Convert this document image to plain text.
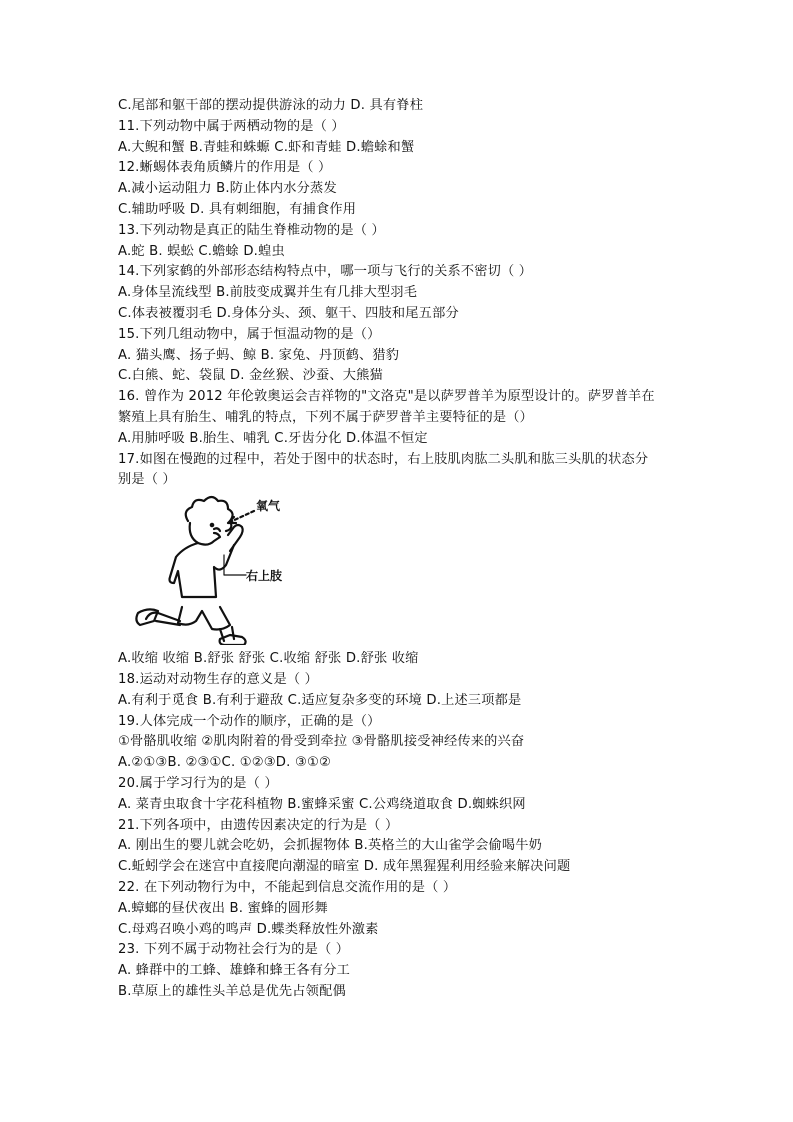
C.尾部和躯干部的摆动提供游泳的动力 D. 具有脊柱
11.下列动物中属于两栖动物的是（ ）
A.大鲵和蟹 B.青蛙和蛛螈 C.虾和青蛙 D.蟾蜍和蟹
12.蜥蜴体表角质鳞片的作用是（ ）
A.减小运动阻力 B.防止体内水分蒸发
C.辅助呼吸 D. 具有刺细胞，有捕食作用
13.下列动物是真正的陆生脊椎动物的是（ ）
A.蛇 B. 蜈蚣 C.蟾蜍 D.蝗虫
14.下列家鹤的外部形态结构特点中，哪一项与飞行的关系不密切（ ）
A.身体呈流线型 B.前肢变成翼并生有几排大型羽毛
C.体表被覆羽毛 D.身体分头、颈、躯干、四肢和尾五部分
15.下列几组动物中，属于恒温动物的是（）
A. 猫头鹰、扬子蚂、鲸 B. 家兔、丹顶鹤、猎豹
C.白熊、蛇、袋鼠 D. 金丝猴、沙蚕、大熊猫
16. 曾作为 2012 年伦敦奥运会吉祥物的"文洛克"是以萨罗普羊为原型设计的。萨罗普羊在
繁殖上具有胎生、哺乳的特点，下列不属于萨罗普羊主要特征的是（）
A.用肺呼吸 B.胎生、哺乳 C.牙齿分化 D.体温不恒定
17.如图在慢跑的过程中，若处于图中的状态时，右上肢肌肉肱二头肌和肱三头肌的状态分
别是（ ）
氧气
右上肢
A.收缩 收缩 B.舒张 舒张 C.收缩 舒张 D.舒张 收缩
18.运动对动物生存的意义是（ ）
A.有利于觅食 B.有利于避敌 C.适应复杂多变的环境 D.上述三项都是
19.人体完成一个动作的顺序，正确的是（）
①骨骼肌收缩 ②肌肉附着的骨受到牵拉 ③骨骼肌接受神经传来的兴奋
A.②①③B. ②③①C. ①②③D. ③①②
20.属于学习行为的是（ ）
A. 菜青虫取食十字花科植物 B.蜜蜂采蜜 C.公鸡绕道取食 D.蜘蛛织网
21.下列各项中，由遗传因素决定的行为是（ ）
A. 刚出生的婴儿就会吃奶，会抓握物体 B.英格兰的大山雀学会偷喝牛奶
C.蚯蚓学会在迷宫中直接爬向潮湿的暗室 D. 成年黑猩猩利用经验来解决问题
22. 在下列动物行为中，不能起到信息交流作用的是（ ）
A.蟑螂的昼伏夜出 B. 蜜蜂的圆形舞
C.母鸡召唤小鸡的鸣声 D.蝶类释放性外激素
23. 下列不属于动物社会行为的是（ ）
A. 蜂群中的工蜂、雄蜂和蜂王各有分工
B.草原上的雄性头羊总是优先占领配偶
